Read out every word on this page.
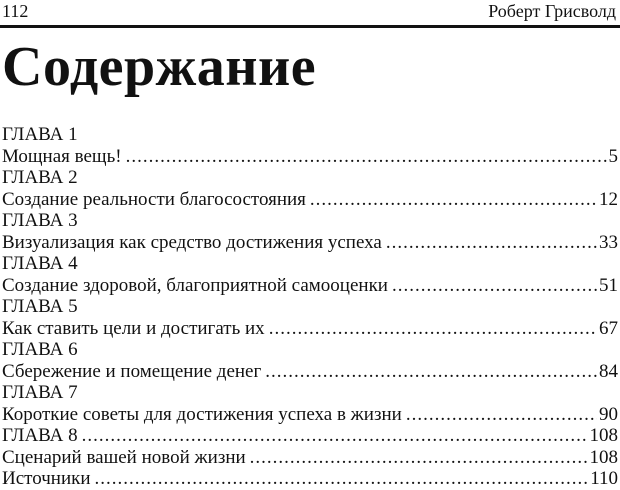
112	Роберт Грисволд
Содержание
ГЛАВА 1
Мощная вещь! .....	5
ГЛАВА 2
Создание реальности благосостояния .....	12
ГЛАВА 3
Визуализация как средство достижения успеха .....	33
ГЛАВА 4
Создание здоровой, благоприятной самооценки .....	51
ГЛАВА 5
Как ставить цели и достигать их .....	67
ГЛАВА 6
Сбережение и помещение денег .....	84
ГЛАВА 7
Короткие советы для достижения успеха в жизни .....	90
ГЛАВА 8 .....	108
Сценарий вашей новой жизни .....	108
Источники .....	110
